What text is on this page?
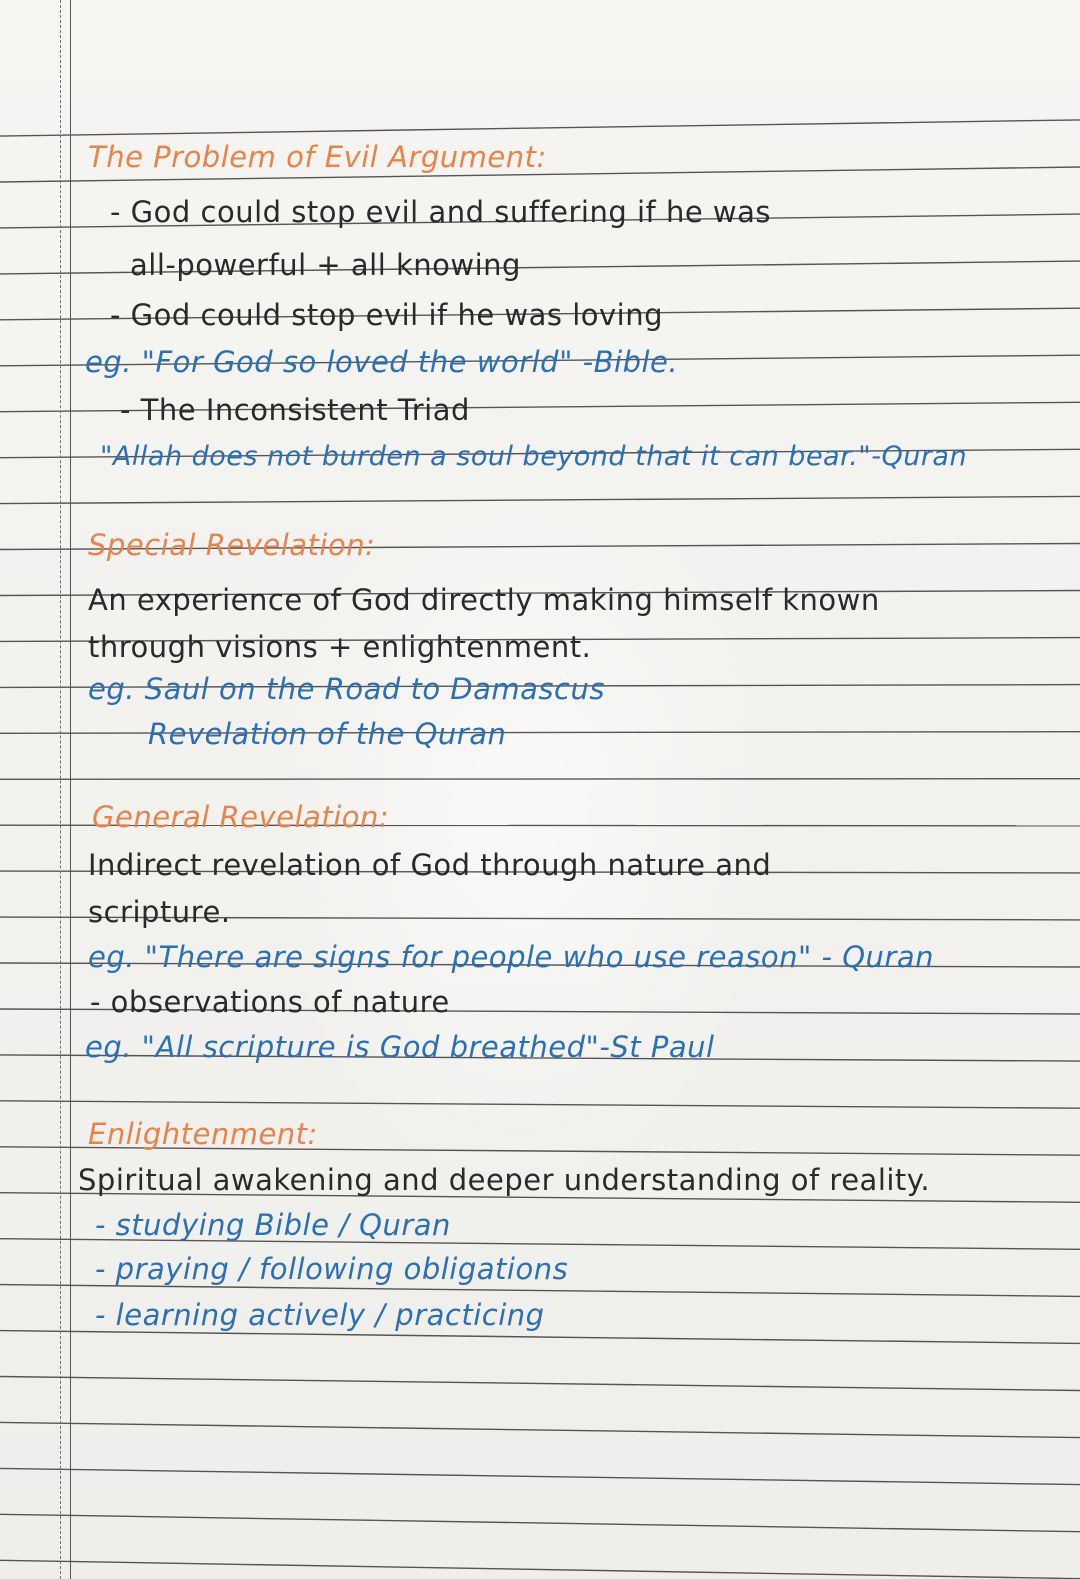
The Problem of Evil Argument:
- God could stop evil and suffering if he was
all-powerful + all knowing
- God could stop evil if he was loving
eg. "For God so loved the world" -Bible.
- The Inconsistent Triad
"Allah does not burden a soul beyond that it can bear."-Quran
Special Revelation:
An experience of God directly making himself known
through visions + enlightenment.
eg. Saul on the Road to Damascus
Revelation of the Quran
General Revelation:
Indirect revelation of God through nature and
scripture.
eg. "There are signs for people who use reason" - Quran
- observations of nature
eg. "All scripture is God breathed"-St Paul
Enlightenment:
Spiritual awakening and deeper understanding of reality.
- studying Bible / Quran
- praying / following obligations
- learning actively / practicing
